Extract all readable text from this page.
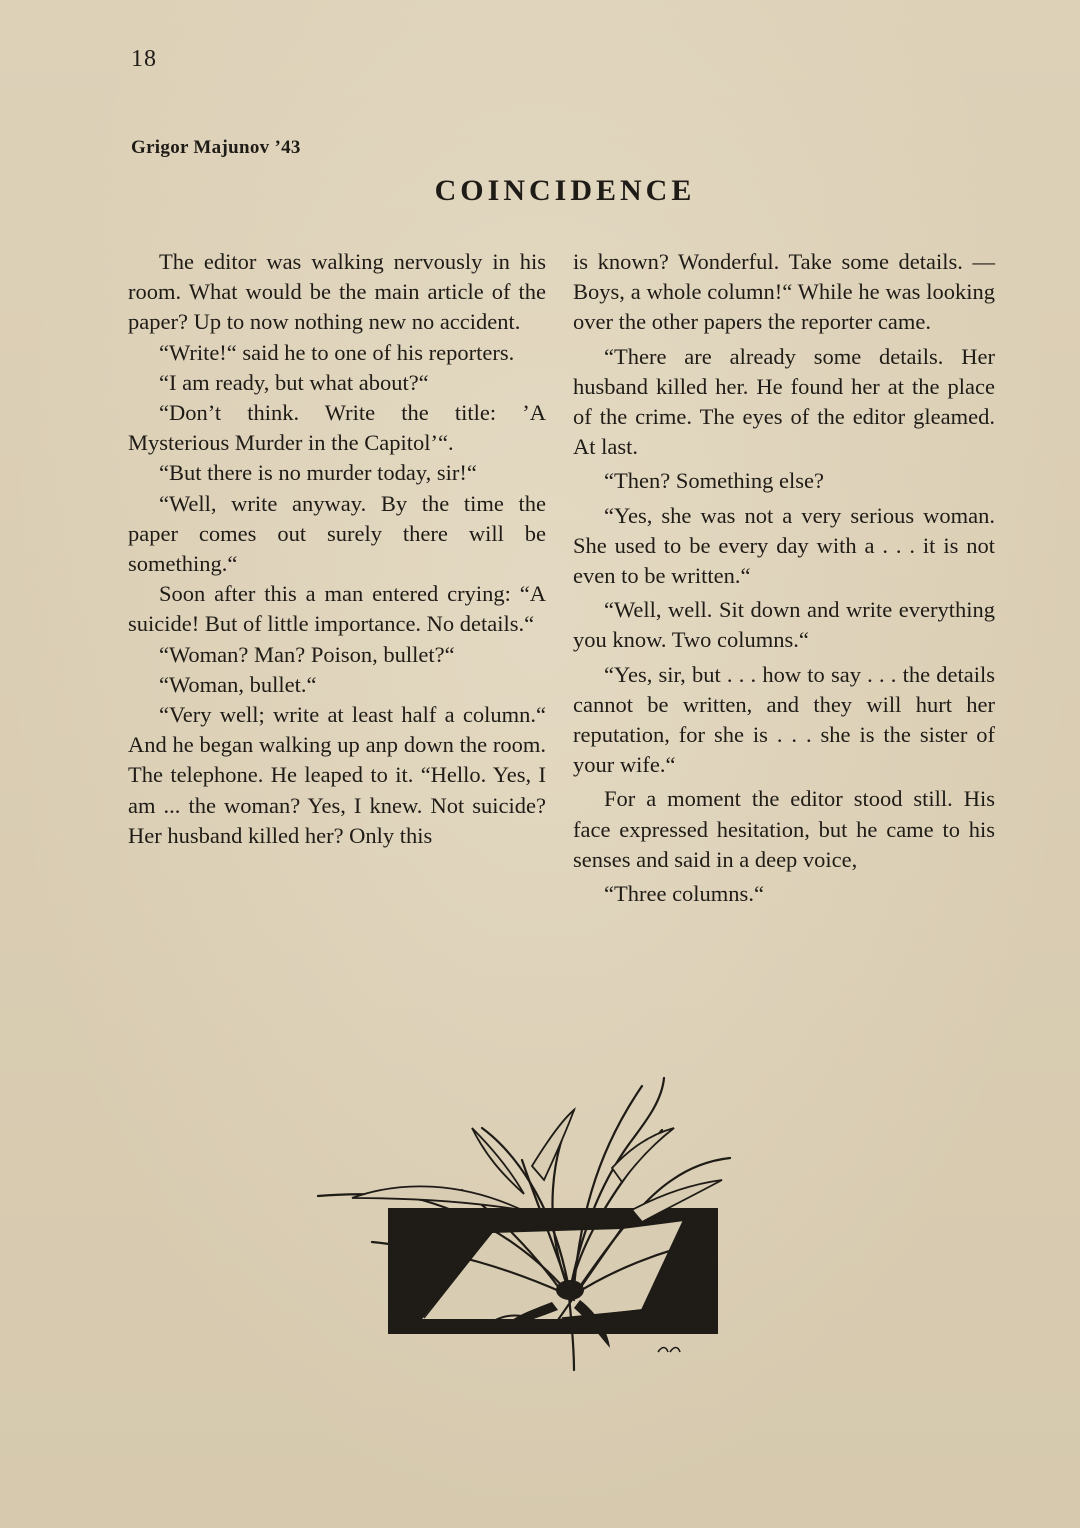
18
Grigor Majunov ’43
COINCIDENCE

The editor was walking nervously in his room. What would be the main article of the paper? Up to now nothing new no accident.

“Write!“ said he to one of his reporters.

“I am ready, but what about?“

“Don’t think. Write the title: ’A Mysterious Murder in the Capitol’“.

“But there is no murder today, sir!“

“Well, write anyway. By the time the paper comes out surely there will be something.“

Soon after this a man entered crying: “A suicide! But of little importance. No details.“

“Woman? Man? Poison, bullet?“

“Woman, bullet.“

“Very well; write at least half a column.“ And he began walking up anp down the room. The telephone. He leaped to it. “Hello. Yes, I am ... the woman? Yes, I knew. Not suicide? Her husband killed her? Only this

is known? Wonderful. Take some details. — Boys, a whole column!“ While he was looking over the other papers the reporter came.

“There are already some details. Her husband killed her. He found her at the place of the crime. The eyes of the editor gleamed. At last.

“Then? Something else?

“Yes, she was not a very serious woman. She used to be every day with a . . . it is not even to be written.“

“Well, well. Sit down and write everything you know. Two columns.“

“Yes, sir, but . . . how to say . . . the details cannot be written, and they will hurt her reputation, for she is . . . she is the sister of your wife.“

For a moment the editor stood still. His face expressed hesitation, but he came to his senses and said in a deep voice,

“Three columns.“
